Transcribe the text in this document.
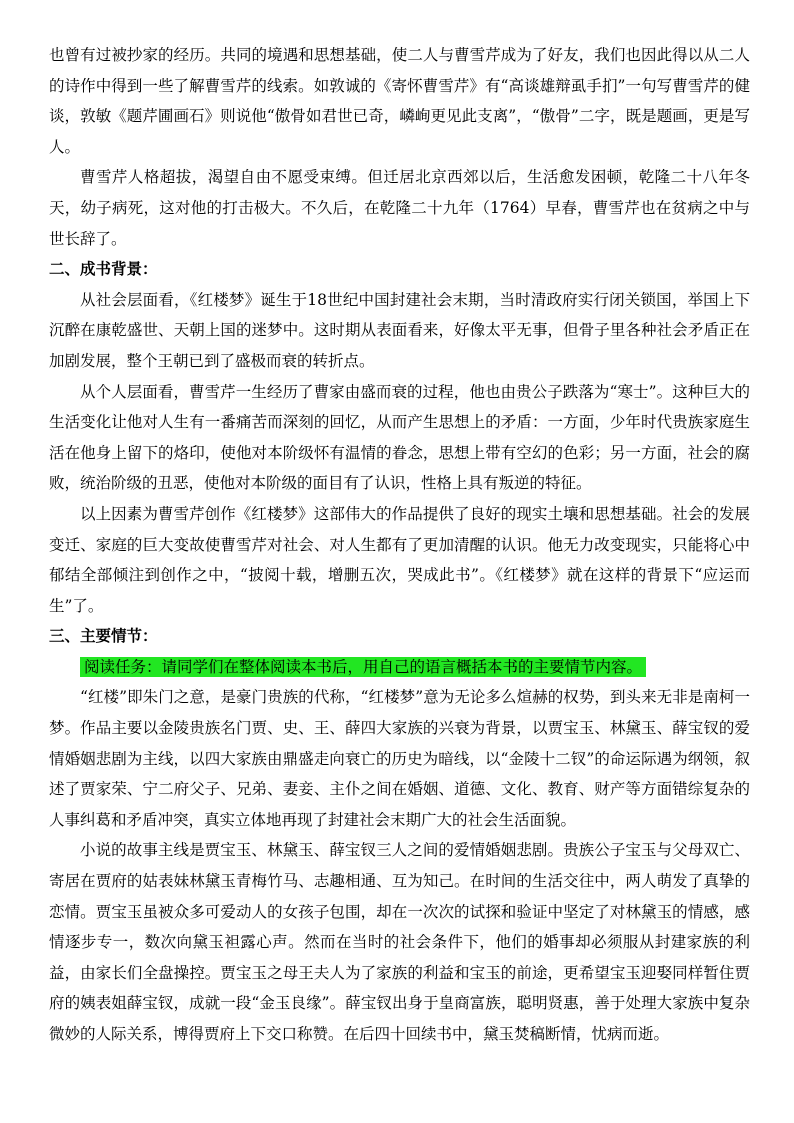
也曾有过被抄家的经历。共同的境遇和思想基础，使二人与曹雪芹成为了好友，我们也因此得以从二人的诗作中得到一些了解曹雪芹的线索。如敦诚的《寄怀曹雪芹》有“高谈雄辩虱手扪”一句写曹雪芹的健谈，敦敏《题芹圃画石》则说他“傲骨如君世已奇，嶙峋更见此支离”，“傲骨”二字，既是题画，更是写人。

曹雪芹人格超拔，渴望自由不愿受束缚。但迁居北京西郊以后，生活愈发困顿，乾隆二十八年冬天，幼子病死，这对他的打击极大。不久后，在乾隆二十九年（1764）早春，曹雪芹也在贫病之中与世长辞了。

二、成书背景：

从社会层面看，《红楼梦》诞生于18世纪中国封建社会末期，当时清政府实行闭关锁国，举国上下沉醉在康乾盛世、天朝上国的迷梦中。这时期从表面看来，好像太平无事，但骨子里各种社会矛盾正在加剧发展，整个王朝已到了盛极而衰的转折点。

从个人层面看，曹雪芹一生经历了曹家由盛而衰的过程，他也由贵公子跌落为“寒士”。这种巨大的生活变化让他对人生有一番痛苦而深刻的回忆，从而产生思想上的矛盾：一方面，少年时代贵族家庭生活在他身上留下的烙印，使他对本阶级怀有温情的眷念，思想上带有空幻的色彩；另一方面，社会的腐败，统治阶级的丑恶，使他对本阶级的面目有了认识，性格上具有叛逆的特征。

以上因素为曹雪芹创作《红楼梦》这部伟大的作品提供了良好的现实土壤和思想基础。社会的发展变迁、家庭的巨大变故使曹雪芹对社会、对人生都有了更加清醒的认识。他无力改变现实，只能将心中郁结全部倾注到创作之中，“披阅十载，增删五次，哭成此书”。《红楼梦》就在这样的背景下“应运而生”了。

三、主要情节：
阅读任务：请同学们在整体阅读本书后，用自己的语言概括本书的主要情节内容。

“红楼”即朱门之意，是豪门贵族的代称，“红楼梦”意为无论多么煊赫的权势，到头来无非是南柯一梦。作品主要以金陵贵族名门贾、史、王、薛四大家族的兴衰为背景，以贾宝玉、林黛玉、薛宝钗的爱情婚姻悲剧为主线，以四大家族由鼎盛走向衰亡的历史为暗线，以“金陵十二钗”的命运际遇为纲领，叙述了贾家荣、宁二府父子、兄弟、妻妾、主仆之间在婚姻、道德、文化、教育、财产等方面错综复杂的人事纠葛和矛盾冲突，真实立体地再现了封建社会末期广大的社会生活面貌。

小说的故事主线是贾宝玉、林黛玉、薛宝钗三人之间的爱情婚姻悲剧。贵族公子宝玉与父母双亡、寄居在贾府的姑表妹林黛玉青梅竹马、志趣相通、互为知己。在时间的生活交往中，两人萌发了真挚的恋情。贾宝玉虽被众多可爱动人的女孩子包围，却在一次次的试探和验证中坚定了对林黛玉的情感，感情逐步专一，数次向黛玉袒露心声。然而在当时的社会条件下，他们的婚事却必须服从封建家族的利益，由家长们全盘操控。贾宝玉之母王夫人为了家族的利益和宝玉的前途，更希望宝玉迎娶同样暂住贾府的姨表姐薛宝钗，成就一段“金玉良缘”。薛宝钗出身于皇商富族，聪明贤惠，善于处理大家族中复杂微妙的人际关系，博得贾府上下交口称赞。在后四十回续书中，黛玉焚稿断情，忧病而逝。
